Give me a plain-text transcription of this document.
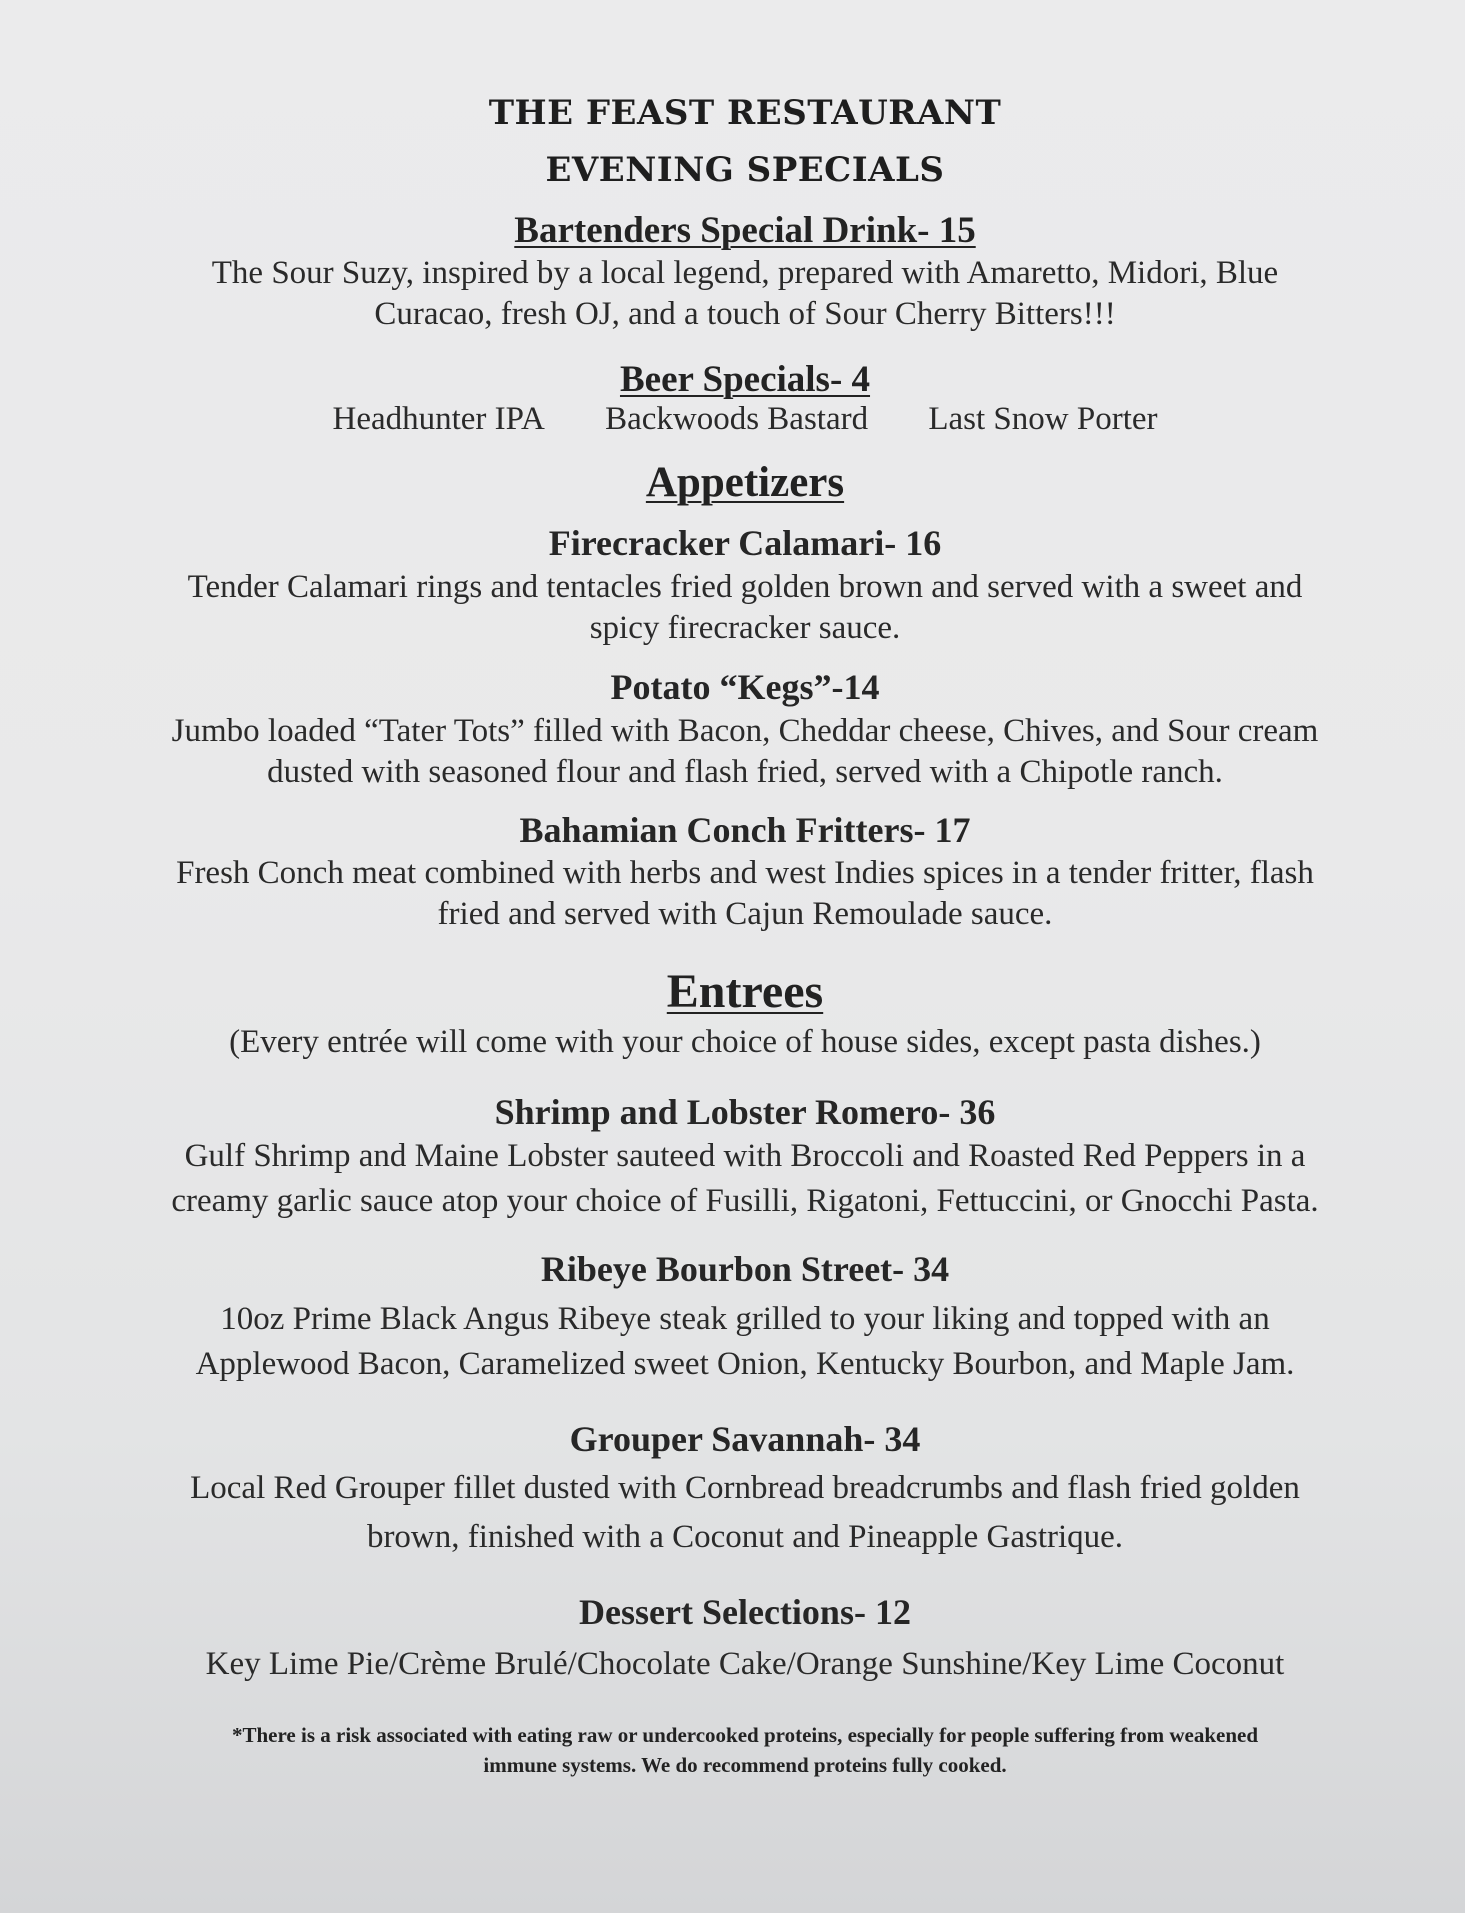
THE FEAST RESTAURANT
EVENING SPECIALS
Bartenders Special Drink- 15
The Sour Suzy, inspired by a local legend, prepared with Amaretto, Midori, Blue
Curacao, fresh OJ, and a touch of Sour Cherry Bitters!!!
Beer Specials- 4
Headhunter IPA Backwoods Bastard Last Snow Porter
Appetizers
Firecracker Calamari- 16
Tender Calamari rings and tentacles fried golden brown and served with a sweet and
spicy firecracker sauce.
Potato “Kegs”-14
Jumbo loaded “Tater Tots” filled with Bacon, Cheddar cheese, Chives, and Sour cream
dusted with seasoned flour and flash fried, served with a Chipotle ranch.
Bahamian Conch Fritters- 17
Fresh Conch meat combined with herbs and west Indies spices in a tender fritter, flash
fried and served with Cajun Remoulade sauce.
Entrees
(Every entrée will come with your choice of house sides, except pasta dishes.)
Shrimp and Lobster Romero- 36
Gulf Shrimp and Maine Lobster sauteed with Broccoli and Roasted Red Peppers in a
creamy garlic sauce atop your choice of Fusilli, Rigatoni, Fettuccini, or Gnocchi Pasta.
Ribeye Bourbon Street- 34
10oz Prime Black Angus Ribeye steak grilled to your liking and topped with an
Applewood Bacon, Caramelized sweet Onion, Kentucky Bourbon, and Maple Jam.
Grouper Savannah- 34
Local Red Grouper fillet dusted with Cornbread breadcrumbs and flash fried golden
brown, finished with a Coconut and Pineapple Gastrique.
Dessert Selections- 12
Key Lime Pie/Crème Brulé/Chocolate Cake/Orange Sunshine/Key Lime Coconut
*There is a risk associated with eating raw or undercooked proteins, especially for people suffering from weakened
immune systems. We do recommend proteins fully cooked.
